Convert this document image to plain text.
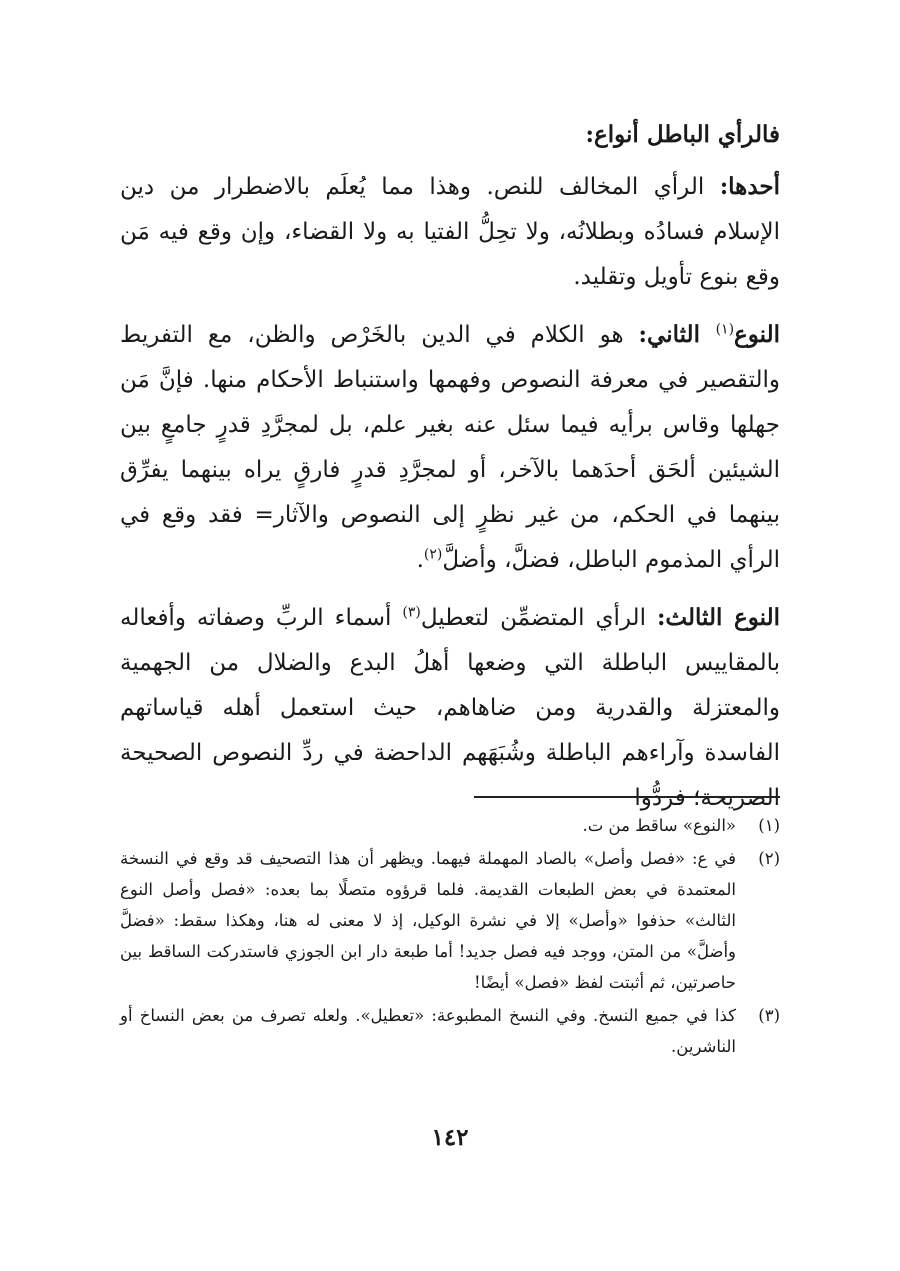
فالرأي الباطل أنواع:

أحدها: الرأي المخالف للنص. وهذا مما يُعلَم بالاضطرار من دين الإسلام فسادُه وبطلانُه، ولا تحِلُّ الفتيا به ولا القضاء، وإن وقع فيه مَن وقع بنوع تأويل وتقليد.

النوع$^{(١)}$ الثاني: هو الكلام في الدين بالخَرْص والظن، مع التفريط والتقصير في معرفة النصوص وفهمها واستنباط الأحكام منها. فإنَّ مَن جهلها وقاس برأيه فيما سئل عنه بغير علم، بل لمجرَّدِ قدرٍ جامعٍ بين الشيئين ألحَق أحدَهما بالآخر، أو لمجرَّدِ قدرٍ فارقٍ يراه بينهما يفرِّق بينهما في الحكم، من غير نظرٍ إلى النصوص والآثار= فقد وقع في الرأي المذموم الباطل، فضلَّ، وأضلَّ$^{(٢)}$.

النوع الثالث: الرأي المتضمِّن لتعطيل$^{(٣)}$ أسماء الربِّ وصفاته وأفعاله بالمقاييس الباطلة التي وضعها أهلُ البدع والضلال من الجهمية والمعتزلة والقدرية ومن ضاهاهم، حيث استعمل أهله قياساتهم الفاسدة وآراءهم الباطلة وشُبَهَهم الداحضة في ردِّ النصوص الصحيحة الصريحة؛ فردُّوا

(١)
«النوع» ساقط من ت.
(٢)
في ع: «فصل وأصل» بالصاد المهملة فيهما. ويظهر أن هذا التصحيف قد وقع في النسخة المعتمدة في بعض الطبعات القديمة. فلما قرؤوه متصلًا بما بعده: «فصل وأصل النوع الثالث» حذفوا «وأصل» إلا في نشرة الوكيل، إذ لا معنى له هنا، وهكذا سقط: «فضلَّ وأضلَّ» من المتن، ووجد فيه فصل جديد! أما طبعة دار ابن الجوزي فاستدركت الساقط بين حاصرتين، ثم أثبتت لفظ «فصل» أيضًا!
(٣)
كذا في جميع النسخ. وفي النسخ المطبوعة: «تعطيل». ولعله تصرف من بعض النساخ أو الناشرين.
١٤٢
